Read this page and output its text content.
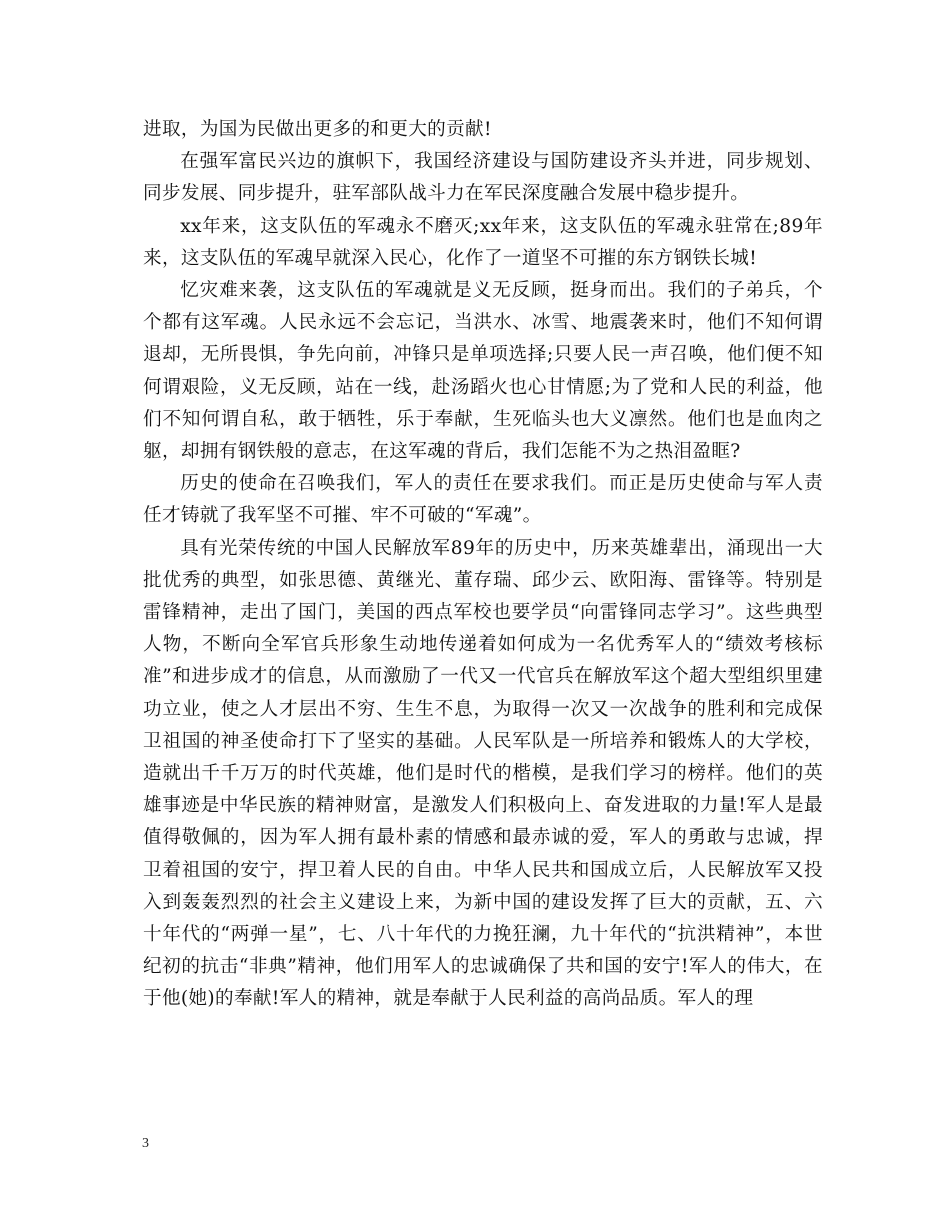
进取，为国为民做出更多的和更大的贡献!

在强军富民兴边的旗帜下，我国经济建设与国防建设齐头并进，同步规划、同步发展、同步提升，驻军部队战斗力在军民深度融合发展中稳步提升。

xx年来，这支队伍的军魂永不磨灭;xx年来，这支队伍的军魂永驻常在;89年来，这支队伍的军魂早就深入民心，化作了一道坚不可摧的东方钢铁长城!

忆灾难来袭，这支队伍的军魂就是义无反顾，挺身而出。我们的子弟兵，个个都有这军魂。人民永远不会忘记，当洪水、冰雪、地震袭来时，他们不知何谓退却，无所畏惧，争先向前，冲锋只是单项选择;只要人民一声召唤，他们便不知何谓艰险，义无反顾，站在一线，赴汤蹈火也心甘情愿;为了党和人民的利益，他们不知何谓自私，敢于牺牲，乐于奉献，生死临头也大义凛然。他们也是血肉之躯，却拥有钢铁般的意志，在这军魂的背后，我们怎能不为之热泪盈眶?

历史的使命在召唤我们，军人的责任在要求我们。而正是历史使命与军人责任才铸就了我军坚不可摧、牢不可破的“军魂”。

具有光荣传统的中国人民解放军89年的历史中，历来英雄辈出，涌现出一大批优秀的典型，如张思德、黄继光、董存瑞、邱少云、欧阳海、雷锋等。特别是雷锋精神，走出了国门，美国的西点军校也要学员“向雷锋同志学习”。这些典型人物，不断向全军官兵形象生动地传递着如何成为一名优秀军人的“绩效考核标准”和进步成才的信息，从而激励了一代又一代官兵在解放军这个超大型组织里建功立业，使之人才层出不穷、生生不息，为取得一次又一次战争的胜利和完成保卫祖国的神圣使命打下了坚实的基础。人民军队是一所培养和锻炼人的大学校，造就出千千万万的时代英雄，他们是时代的楷模，是我们学习的榜样。他们的英雄事迹是中华民族的精神财富，是激发人们积极向上、奋发进取的力量!军人是最值得敬佩的，因为军人拥有最朴素的情感和最赤诚的爱，军人的勇敢与忠诚，捍卫着祖国的安宁，捍卫着人民的自由。中华人民共和国成立后，人民解放军又投入到轰轰烈烈的社会主义建设上来，为新中国的建设发挥了巨大的贡献，五、六十年代的“两弹一星”，七、八十年代的力挽狂澜，九十年代的“抗洪精神”，本世纪初的抗击“非典”精神，他们用军人的忠诚确保了共和国的安宁!军人的伟大，在于他(她)的奉献!军人的精神，就是奉献于人民利益的高尚品质。军人的理

3
